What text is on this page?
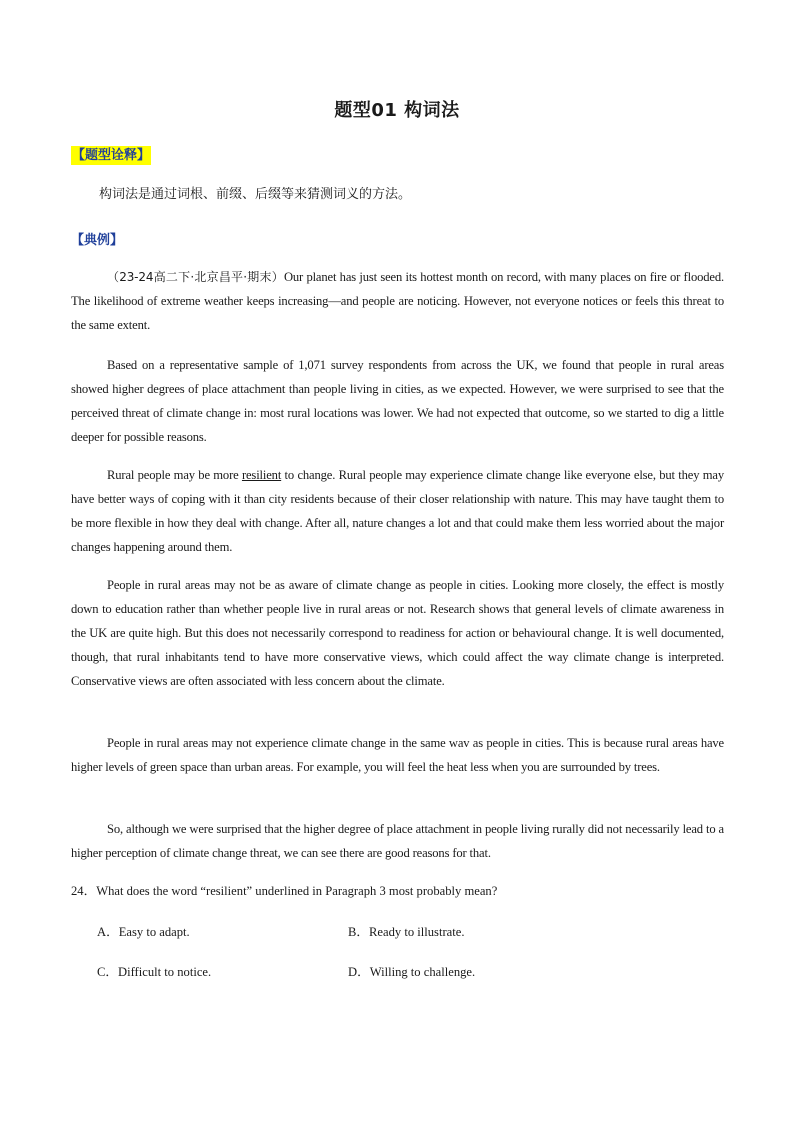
题型01 构词法
【题型诠释】
构词法是通过词根、前缀、后缀等来猜测词义的方法。
【典例】
（23-24高二下·北京昌平·期末）Our planet has just seen its hottest month on record, with many places on fire or flooded. The likelihood of extreme weather keeps increasing—and people are noticing. However, not everyone notices or feels this threat to the same extent.
Based on a representative sample of 1,071 survey respondents from across the UK, we found that people in rural areas showed higher degrees of place attachment than people living in cities, as we expected. However, we were surprised to see that the perceived threat of climate change in: most rural locations was lower. We had not expected that outcome, so we started to dig a little deeper for possible reasons.
Rural people may be more resilient to change. Rural people may experience climate change like everyone else, but they may have better ways of coping with it than city residents because of their closer relationship with nature. This may have taught them to be more flexible in how they deal with change. After all, nature changes a lot and that could make them less worried about the major changes happening around them.
People in rural areas may not be as aware of climate change as people in cities. Looking more closely, the effect is mostly down to education rather than whether people live in rural areas or not. Research shows that general levels of climate awareness in the UK are quite high. But this does not necessarily correspond to readiness for action or behavioural change. It is well documented, though, that rural inhabitants tend to have more conservative views, which could affect the way climate change is interpreted. Conservative views are often associated with less concern about the climate.
People in rural areas may not experience climate change in the same wav as people in cities. This is because rural areas have higher levels of green space than urban areas. For example, you will feel the heat less when you are surrounded by trees.
So, although we were surprised that the higher degree of place attachment in people living rurally did not necessarily lead to a higher perception of climate change threat, we can see there are good reasons for that.
24．What does the word “resilient” underlined in Paragraph 3 most probably mean?
A．Easy to adapt.	B．Ready to illustrate.
C．Difficult to notice.	D．Willing to challenge.
